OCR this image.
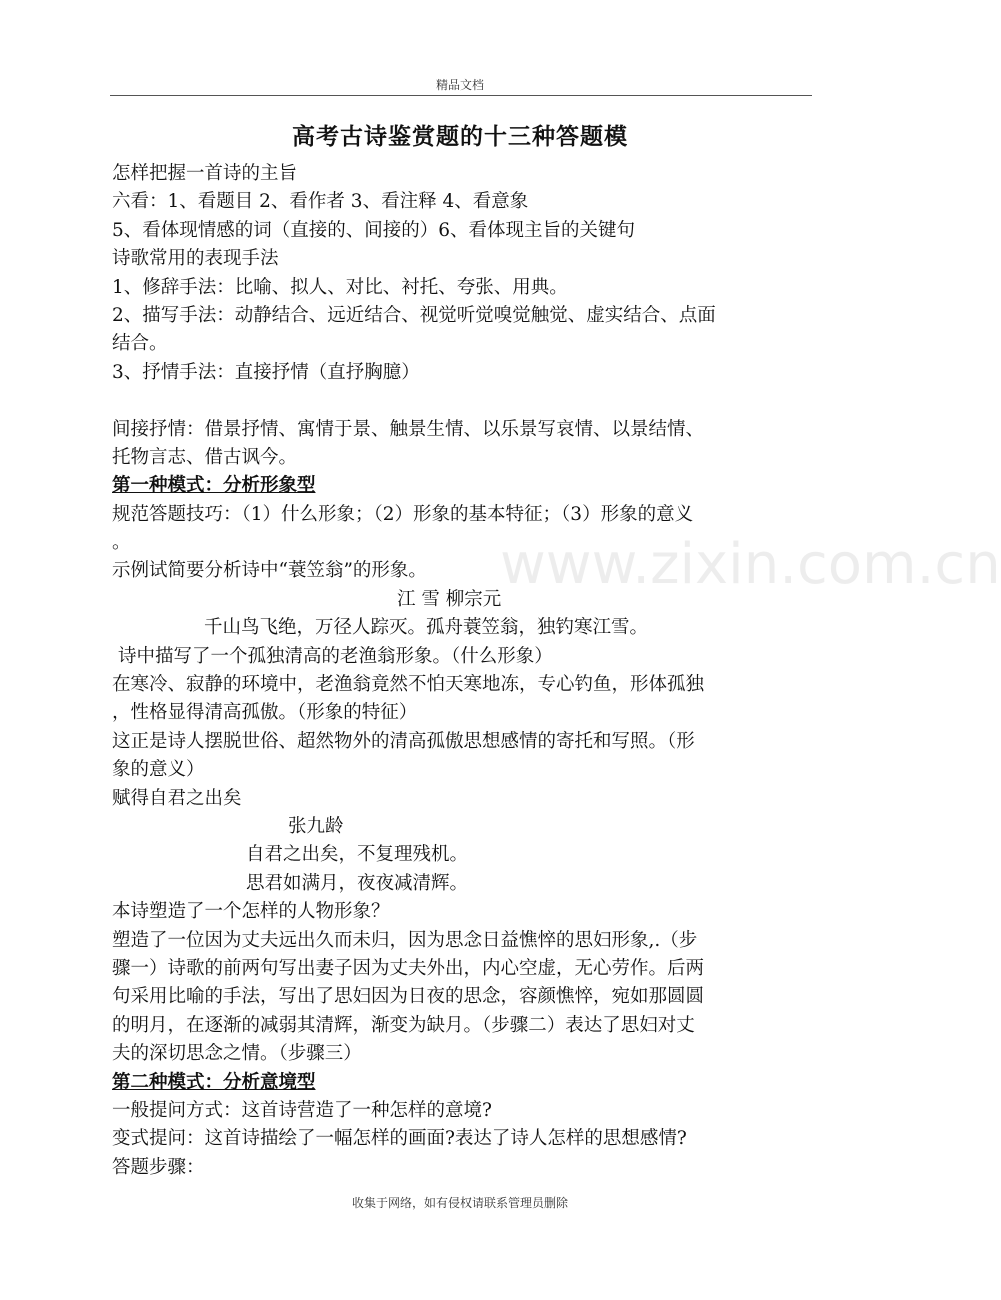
精品文档
高考古诗鉴赏题的十三种答题模
www.zixin.com.cn
怎样把握一首诗的主旨
六看：1、看题目 2、看作者 3、看注释 4、看意象
5、看体现情感的词（直接的、间接的）6、看体现主旨的关键句
诗歌常用的表现手法
1、修辞手法：比喻、拟人、对比、衬托、夸张、用典。
2、描写手法：动静结合、远近结合、视觉听觉嗅觉触觉、虚实结合、点面
结合。
3、抒情手法：直接抒情（直抒胸臆）
间接抒情：借景抒情、寓情于景、触景生情、以乐景写哀情、以景结情、
托物言志、借古讽今。
第一种模式：分析形象型
规范答题技巧：（1）什么形象；（2）形象的基本特征；（3）形象的意义
。
示例试简要分析诗中“蓑笠翁”的形象。
江 雪 柳宗元
千山鸟飞绝，万径人踪灭。孤舟蓑笠翁，独钓寒江雪。
诗中描写了一个孤独清高的老渔翁形象。（什么形象）
在寒冷、寂静的环境中，老渔翁竟然不怕天寒地冻，专心钓鱼，形体孤独
，性格显得清高孤傲。（形象的特征）
这正是诗人摆脱世俗、超然物外的清高孤傲思想感情的寄托和写照。（形
象的意义）
赋得自君之出矣
张九龄
自君之出矣，不复理残机。
思君如满月，夜夜减清辉。
本诗塑造了一个怎样的人物形象？
塑造了一位因为丈夫远出久而未归，因为思念日益憔悴的思妇形象,.（步
骤一）诗歌的前两句写出妻子因为丈夫外出，内心空虚，无心劳作。后两
句采用比喻的手法，写出了思妇因为日夜的思念，容颜憔悴，宛如那圆圆
的明月，在逐渐的减弱其清辉，渐变为缺月。（步骤二）表达了思妇对丈
夫的深切思念之情。（步骤三）
第二种模式：分析意境型
一般提问方式：这首诗营造了一种怎样的意境?
变式提问：这首诗描绘了一幅怎样的画面?表达了诗人怎样的思想感情?
答题步骤：
收集于网络，如有侵权请联系管理员删除
